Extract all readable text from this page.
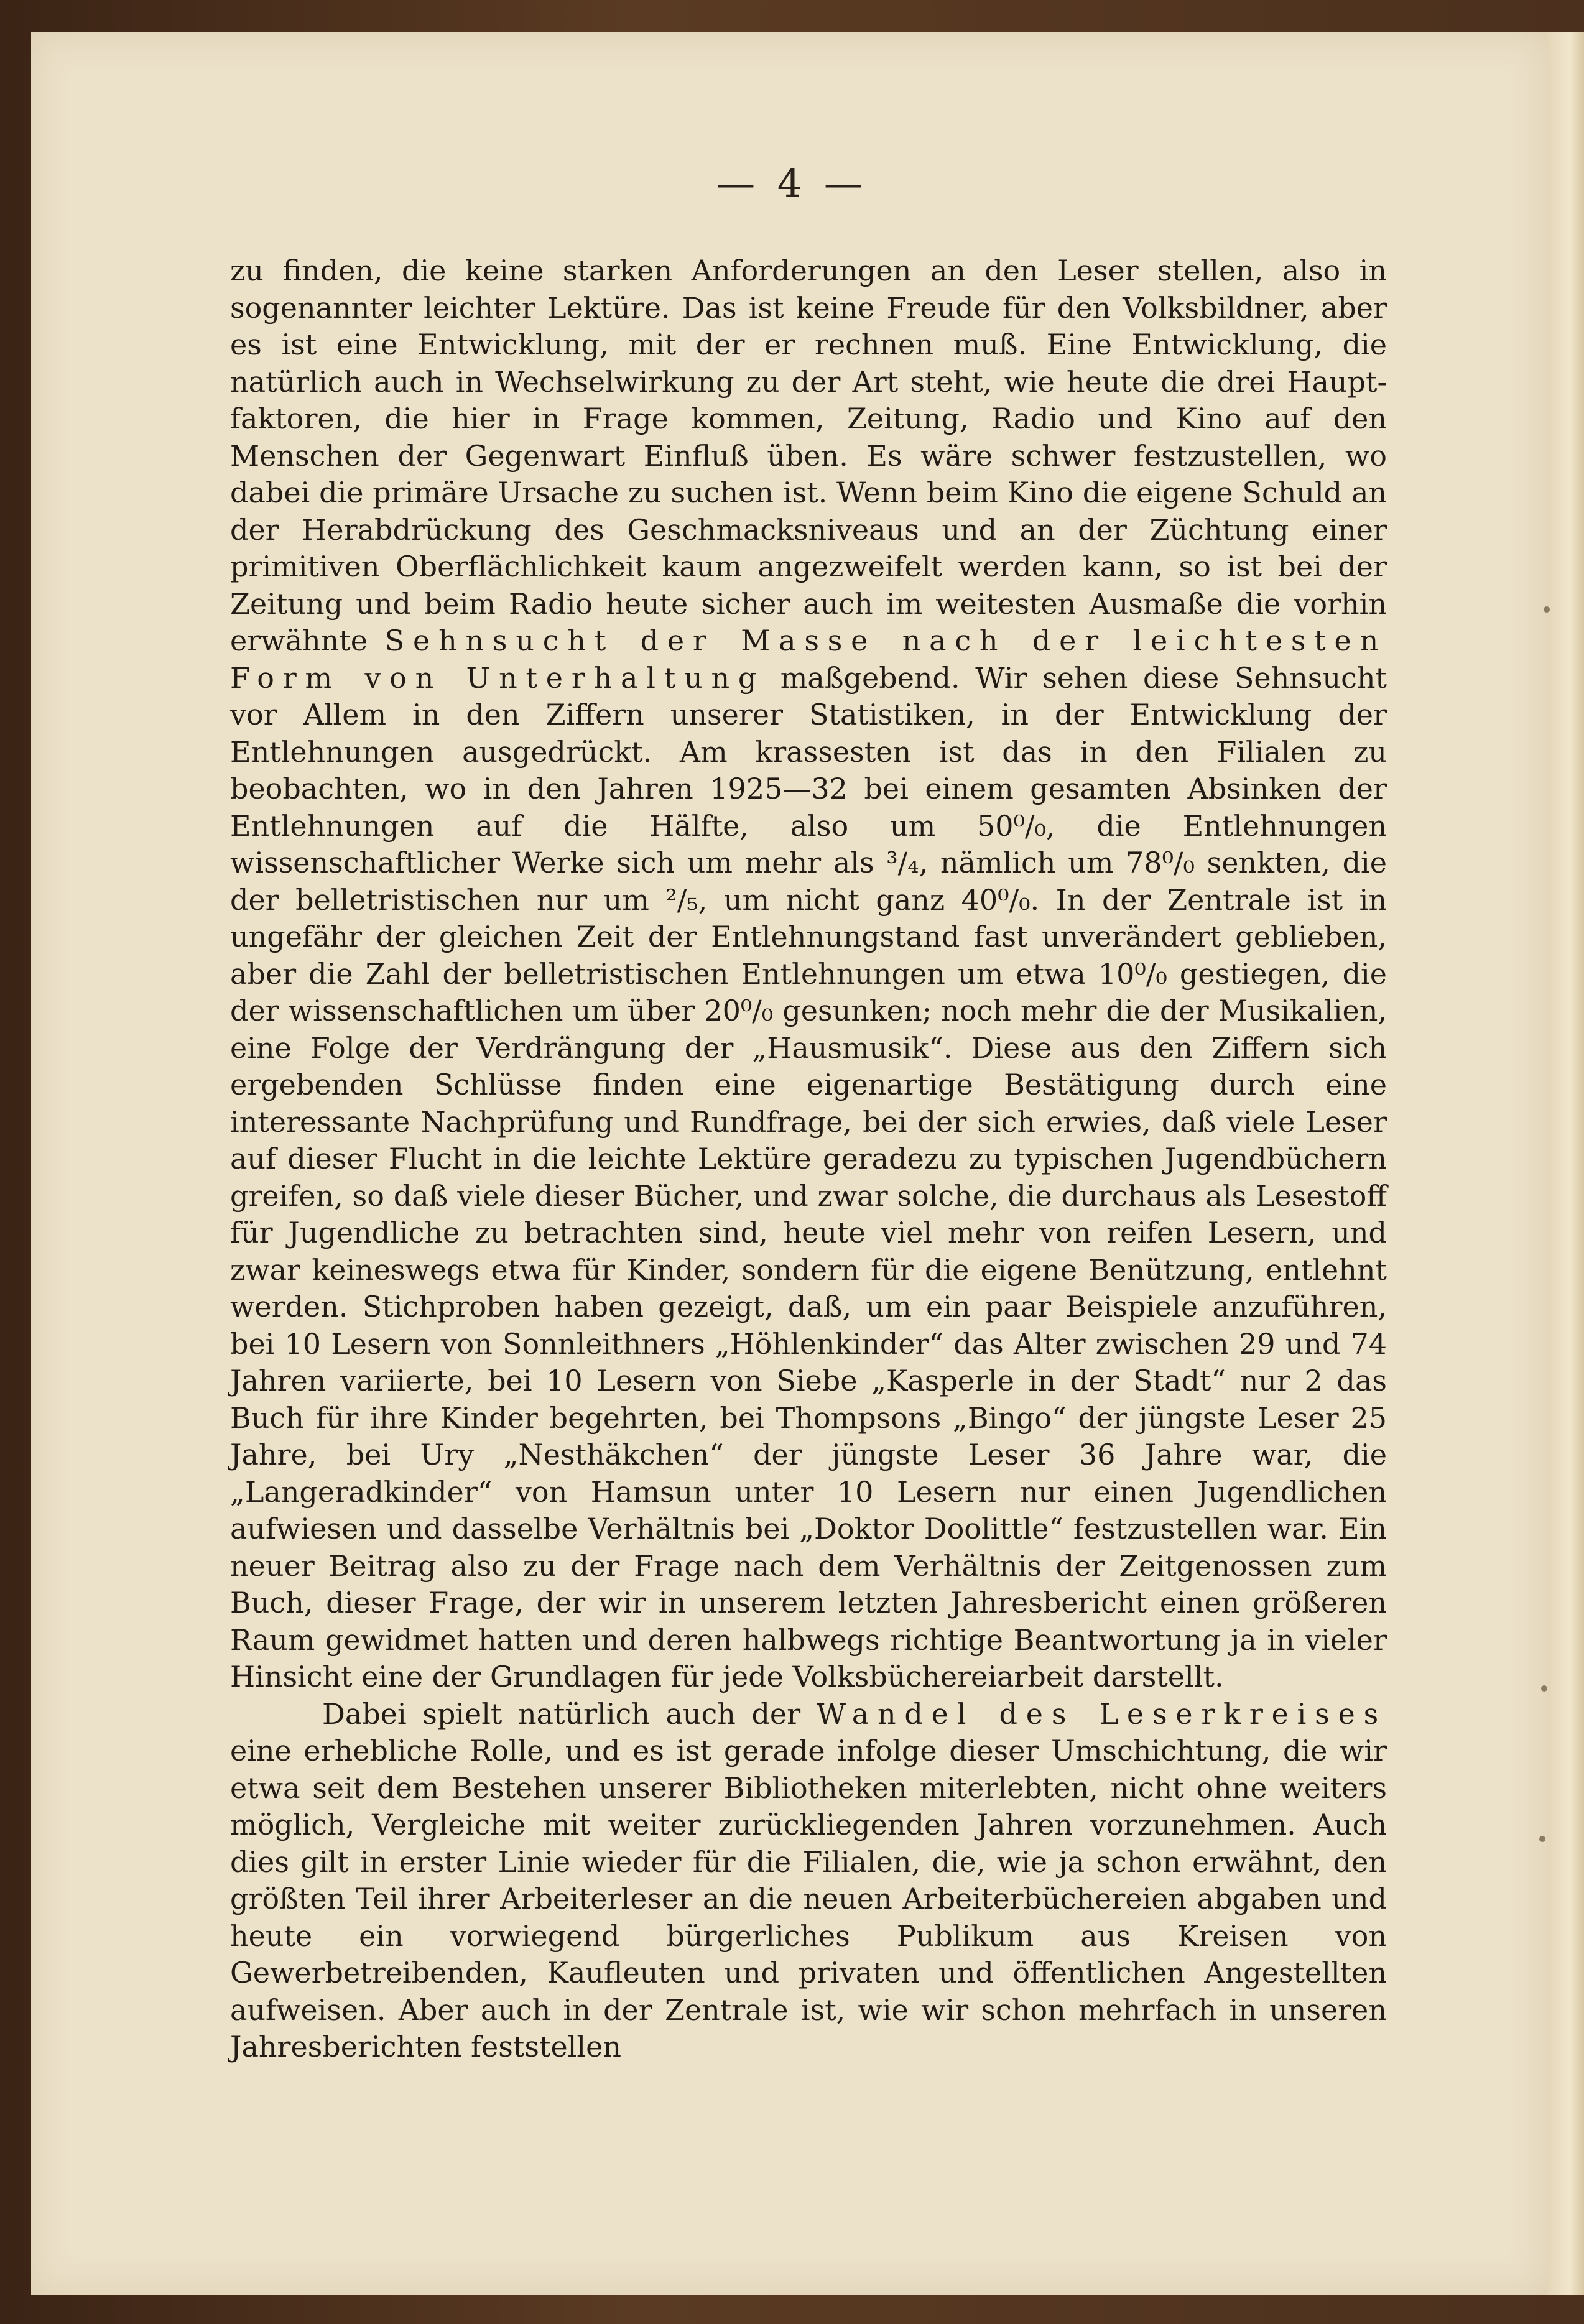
— 4 —

zu finden, die keine starken Anforderungen an den Leser stellen, also in sogenannter leichter Lektüre. Das ist keine Freude für den Volksbildner, aber es ist eine Entwicklung, mit der er rechnen muß. Eine Entwicklung, die natürlich auch in Wechselwirkung zu der Art steht, wie heute die drei Hauptfaktoren, die hier in Frage kommen, Zeitung, Radio und Kino auf den Menschen der Gegenwart Einfluß üben. Es wäre schwer festzustellen, wo dabei die primäre Ursache zu suchen ist. Wenn beim Kino die eigene Schuld an der Herabdrückung des Geschmacksniveaus und an der Züchtung einer primitiven Oberflächlichkeit kaum angezweifelt werden kann, so ist bei der Zeitung und beim Radio heute sicher auch im weitesten Ausmaße die vorhin erwähnte Sehnsucht der Masse nach der leichtesten Form von Unterhaltung maßgebend. Wir sehen diese Sehnsucht vor Allem in den Ziffern unserer Statistiken, in der Entwicklung der Entlehnungen ausgedrückt. Am krassesten ist das in den Filialen zu beobachten, wo in den Jahren 1925—32 bei einem gesamten Absinken der Entlehnungen auf die Hälfte, also um 50⁰/₀, die Entlehnungen wissenschaftlicher Werke sich um mehr als ³/₄, nämlich um 78⁰/₀ senkten, die der belletristischen nur um ²/₅, um nicht ganz 40⁰/₀. In der Zentrale ist in ungefähr der gleichen Zeit der Entlehnungstand fast unverändert geblieben, aber die Zahl der belletristischen Entlehnungen um etwa 10⁰/₀ gestiegen, die der wissenschaftlichen um über 20⁰/₀ gesunken; noch mehr die der Musikalien, eine Folge der Verdrängung der „Hausmusik“. Diese aus den Ziffern sich ergebenden Schlüsse finden eine eigenartige Bestätigung durch eine interessante Nachprüfung und Rundfrage, bei der sich erwies, daß viele Leser auf dieser Flucht in die leichte Lektüre geradezu zu typischen Jugendbüchern greifen, so daß viele dieser Bücher, und zwar solche, die durchaus als Lesestoff für Jugendliche zu betrachten sind, heute viel mehr von reifen Lesern, und zwar keineswegs etwa für Kinder, sondern für die eigene Benützung, entlehnt werden. Stichproben haben gezeigt, daß, um ein paar Beispiele anzuführen, bei 10 Lesern von Sonnleithners „Höhlenkinder“ das Alter zwischen 29 und 74 Jahren variierte, bei 10 Lesern von Siebe „Kasperle in der Stadt“ nur 2 das Buch für ihre Kinder begehrten, bei Thompsons „Bingo“ der jüngste Leser 25 Jahre, bei Ury „Nesthäkchen“ der jüngste Leser 36 Jahre war, die „Langeradkinder“ von Hamsun unter 10 Lesern nur einen Jugendlichen aufwiesen und dasselbe Verhältnis bei „Doktor Doolittle“ festzustellen war. Ein neuer Beitrag also zu der Frage nach dem Verhältnis der Zeitgenossen zum Buch, dieser Frage, der wir in unserem letzten Jahresbericht einen größeren Raum gewidmet hatten und deren halbwegs richtige Beantwortung ja in vieler Hinsicht eine der Grundlagen für jede Volksbüchereiarbeit darstellt.

Dabei spielt natürlich auch der Wandel des Leserkreises eine erhebliche Rolle, und es ist gerade infolge dieser Umschichtung, die wir etwa seit dem Bestehen unserer Bibliotheken miterlebten, nicht ohne weiters möglich, Vergleiche mit weiter zurückliegenden Jahren vorzunehmen. Auch dies gilt in erster Linie wieder für die Filialen, die, wie ja schon erwähnt, den größten Teil ihrer Arbeiterleser an die neuen Arbeiterbüchereien abgaben und heute ein vorwiegend bürgerliches Publikum aus Kreisen von Gewerbetreibenden, Kaufleuten und privaten und öffentlichen Angestellten aufweisen. Aber auch in der Zentrale ist, wie wir schon mehrfach in unseren Jahresberichten feststellen
